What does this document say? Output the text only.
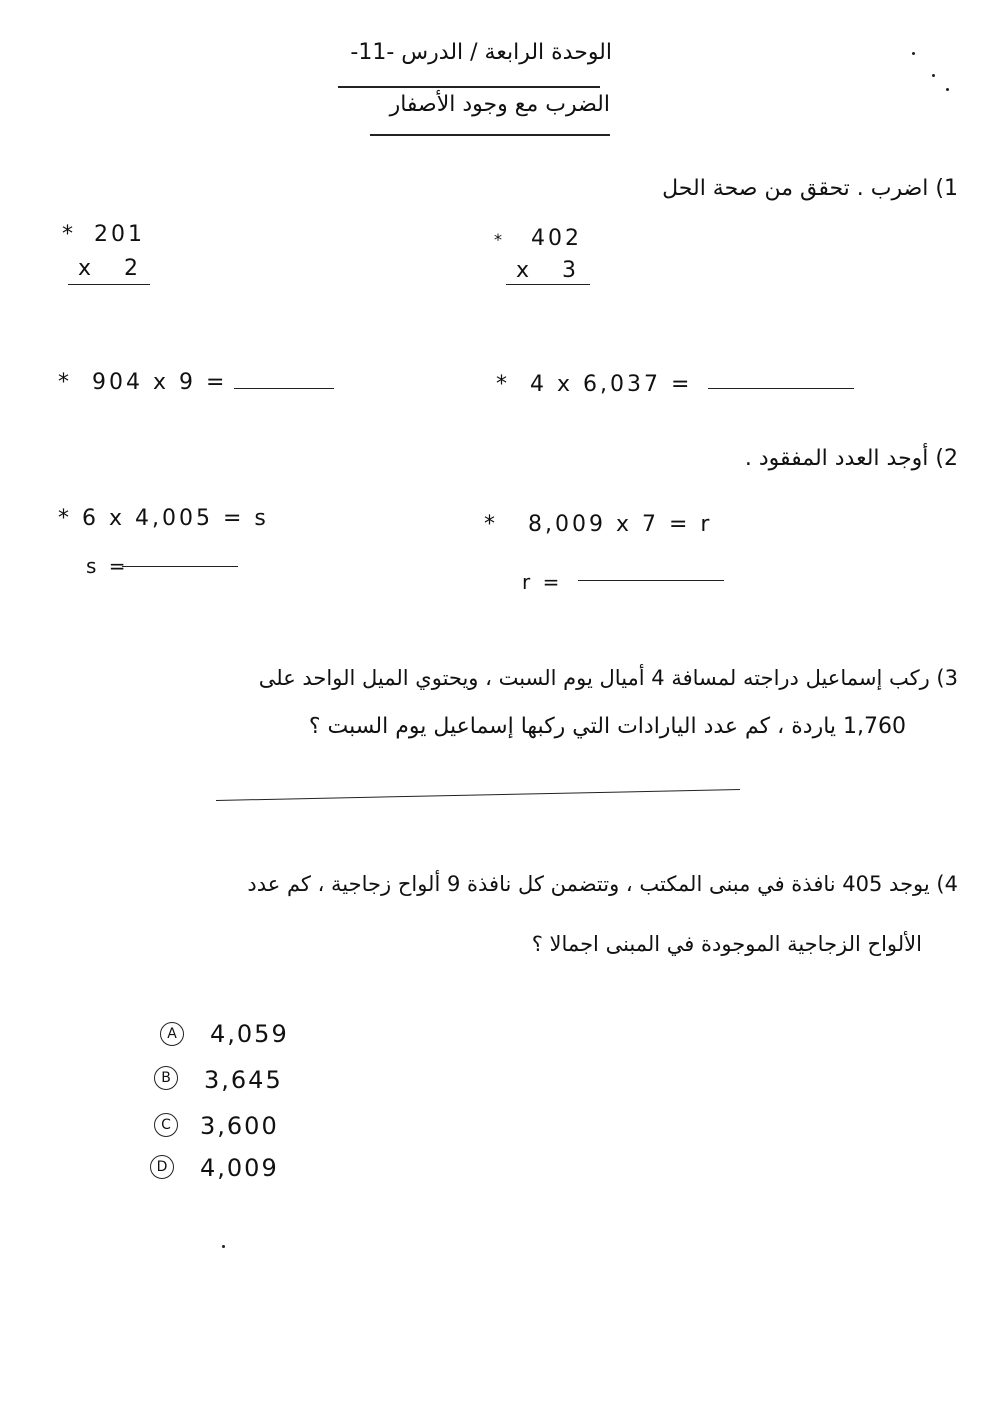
الوحدة الرابعة / الدرس -11-
الضرب مع وجود الأصفار
1) اضرب . تحقق من صحة الحل
* 201
x   2
* 402
x   3
*  904 x 9 =	*  4 x 6,037 =
2) أوجد العدد المفقود .
* 6 x 4,005 = s
s =
*   8,009 x 7 = r
r =
3) ركب إسماعيل دراجته لمسافة 4 أميال يوم السبت ، ويحتوي الميل الواحد على
1,760 ياردة ، كم عدد اليارادات التي ركبها إسماعيل يوم السبت ؟
4) يوجد 405 نافذة في مبنى المكتب ، وتتضمن كل نافذة 9 ألواح زجاجية ، كم عدد
الألواح الزجاجية الموجودة في المبنى اجمالا ؟
A	4,059
B	3,645
C 3,600
D 4,009
